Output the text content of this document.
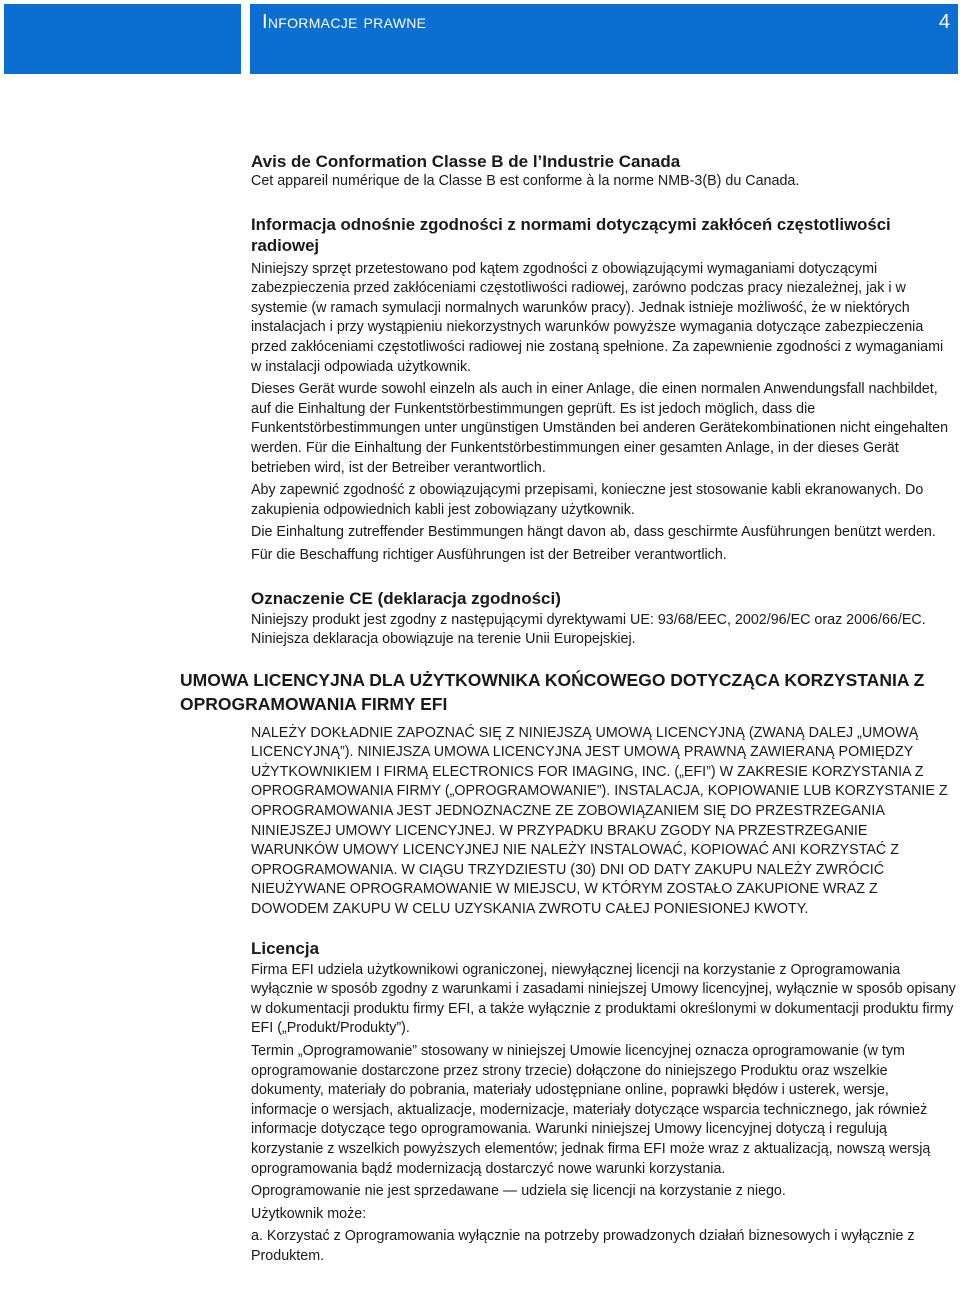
Informacje prawne	4
Avis de Conformation Classe B de l’Industrie Canada

Cet appareil numérique de la Classe B est conforme à la norme NMB-3(B) du Canada.

Informacja odnośnie zgodności z normami dotyczącymi zakłóceń częstotliwości radiowej

Niniejszy sprzęt przetestowano pod kątem zgodności z obowiązującymi wymaganiami dotyczącymi zabezpieczenia przed zakłóceniami częstotliwości radiowej, zarówno podczas pracy niezależnej, jak i w systemie (w ramach symulacji normalnych warunków pracy). Jednak istnieje możliwość, że w niektórych instalacjach i przy wystąpieniu niekorzystnych warunków powyższe wymagania dotyczące zabezpieczenia przed zakłóceniami częstotliwości radiowej nie zostaną spełnione. Za zapewnienie zgodności z wymaganiami w instalacji odpowiada użytkownik.

Dieses Gerät wurde sowohl einzeln als auch in einer Anlage, die einen normalen Anwendungsfall nachbildet, auf die Einhaltung der Funkentstörbestimmungen geprüft. Es ist jedoch möglich, dass die Funkentstörbestimmungen unter ungünstigen Umständen bei anderen Gerätekombinationen nicht eingehalten werden. Für die Einhaltung der Funkentstörbestimmungen einer gesamten Anlage, in der dieses Gerät betrieben wird, ist der Betreiber verantwortlich.

Aby zapewnić zgodność z obowiązującymi przepisami, konieczne jest stosowanie kabli ekranowanych. Do zakupienia odpowiednich kabli jest zobowiązany użytkownik.

Die Einhaltung zutreffender Bestimmungen hängt davon ab, dass geschirmte Ausführungen benützt werden.

Für die Beschaffung richtiger Ausführungen ist der Betreiber verantwortlich.

Oznaczenie CE (deklaracja zgodności)

Niniejszy produkt jest zgodny z następującymi dyrektywami UE: 93/68/EEC, 2002/96/EC oraz 2006/66/EC. Niniejsza deklaracja obowiązuje na terenie Unii Europejskiej.

UMOWA LICENCYJNA DLA UŻYTKOWNIKA KOŃCOWEGO DOTYCZĄCA KORZYSTANIA Z OPROGRAMOWANIA FIRMY EFI

NALEŻY DOKŁADNIE ZAPOZNAĆ SIĘ Z NINIEJSZĄ UMOWĄ LICENCYJNĄ (ZWANĄ DALEJ „UMOWĄ LICENCYJNĄ”). NINIEJSZA UMOWA LICENCYJNA JEST UMOWĄ PRAWNĄ ZAWIERANĄ POMIĘDZY UŻYTKOWNIKIEM I FIRMĄ ELECTRONICS FOR IMAGING, INC. („EFI”) W ZAKRESIE KORZYSTANIA Z OPROGRAMOWANIA FIRMY („OPROGRAMOWANIE”). INSTALACJA, KOPIOWANIE LUB KORZYSTANIE Z OPROGRAMOWANIA JEST JEDNOZNACZNE ZE ZOBOWIĄZANIEM SIĘ DO PRZESTRZEGANIA NINIEJSZEJ UMOWY LICENCYJNEJ. W PRZYPADKU BRAKU ZGODY NA PRZESTRZEGANIE WARUNKÓW UMOWY LICENCYJNEJ NIE NALEŻY INSTALOWAĆ, KOPIOWAĆ ANI KORZYSTAĆ Z OPROGRAMOWANIA. W CIĄGU TRZYDZIESTU (30) DNI OD DATY ZAKUPU NALEŻY ZWRÓCIĆ NIEUŻYWANE OPROGRAMOWANIE W MIEJSCU, W KTÓRYM ZOSTAŁO ZAKUPIONE WRAZ Z DOWODEM ZAKUPU W CELU UZYSKANIA ZWROTU CAŁEJ PONIESIONEJ KWOTY.

Licencja

Firma EFI udziela użytkownikowi ograniczonej, niewyłącznej licencji na korzystanie z Oprogramowania wyłącznie w sposób zgodny z warunkami i zasadami niniejszej Umowy licencyjnej, wyłącznie w sposób opisany w dokumentacji produktu firmy EFI, a także wyłącznie z produktami określonymi w dokumentacji produktu firmy EFI („Produkt/Produkty”).

Termin „Oprogramowanie” stosowany w niniejszej Umowie licencyjnej oznacza oprogramowanie (w tym oprogramowanie dostarczone przez strony trzecie) dołączone do niniejszego Produktu oraz wszelkie dokumenty, materiały do pobrania, materiały udostępniane online, poprawki błędów i usterek, wersje, informacje o wersjach, aktualizacje, modernizacje, materiały dotyczące wsparcia technicznego, jak również informacje dotyczące tego oprogramowania. Warunki niniejszej Umowy licencyjnej dotyczą i regulują korzystanie z wszelkich powyższych elementów; jednak firma EFI może wraz z aktualizacją, nowszą wersją oprogramowania bądź modernizacją dostarczyć nowe warunki korzystania.

Oprogramowanie nie jest sprzedawane — udziela się licencji na korzystanie z niego.

Użytkownik może:

a. Korzystać z Oprogramowania wyłącznie na potrzeby prowadzonych działań biznesowych i wyłącznie z Produktem.
